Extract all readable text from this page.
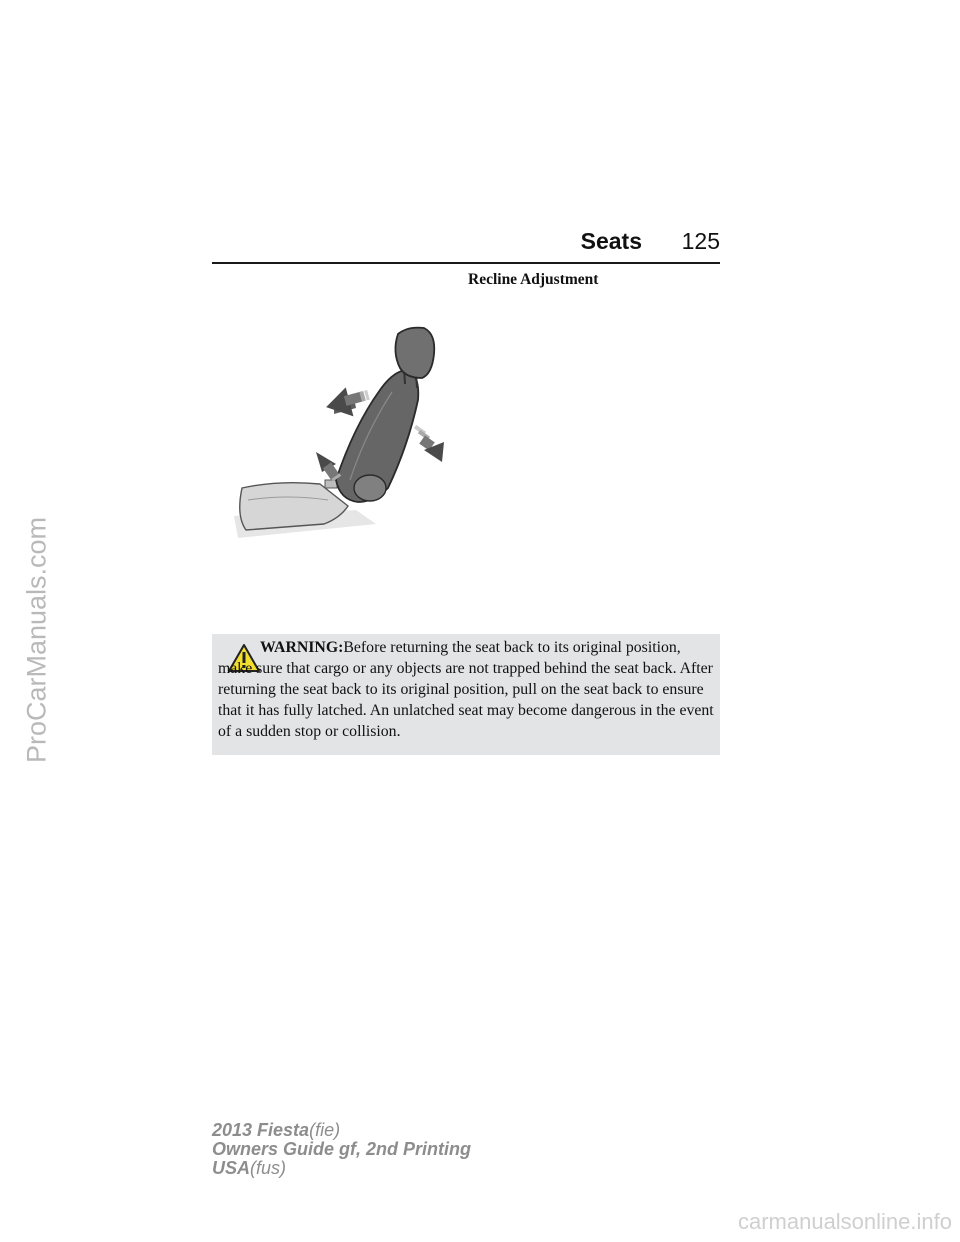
ProCarManuals.com
Seats 125
Recline Adjustment
WARNING:Before returning the seat back to its original position, make sure that cargo or any objects are not trapped behind the seat back. After returning the seat back to its original position, pull on the seat back to ensure that it has fully latched. An unlatched seat may become dangerous in the event of a sudden stop or collision.
2013 Fiesta(fie)
Owners Guide gf, 2nd Printing
USA(fus)
carmanualsonline.info
